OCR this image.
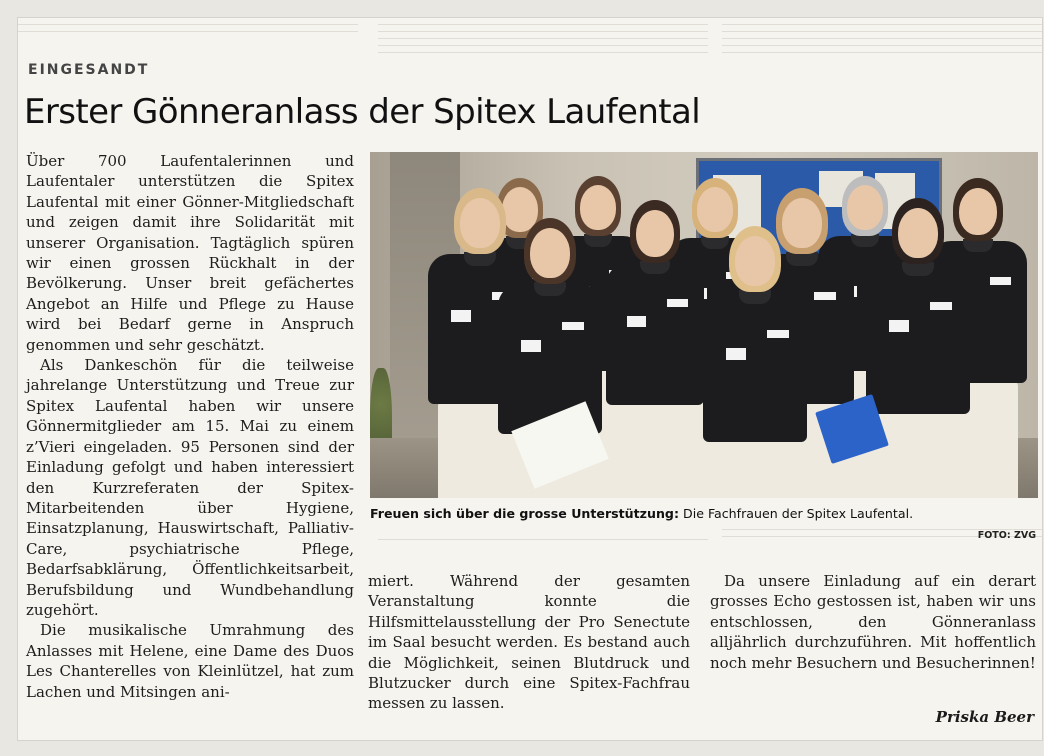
EINGESANDT
Erster Gönneranlass der Spitex Laufental

Über 700 Laufentalerinnen und Laufentaler unterstützen die Spitex Laufental mit einer Gönner-Mitgliedschaft und zeigen damit ihre Solidarität mit unserer Organisation. Tagtäglich spüren wir einen grossen Rückhalt in der Bevölkerung. Unser breit gefächertes Angebot an Hilfe und Pflege zu Hause wird bei Bedarf gerne in Anspruch genommen und sehr geschätzt.

Als Dankeschön für die teilweise jahrelange Unterstützung und Treue zur Spitex Laufental haben wir unsere Gönnermitglieder am 15. Mai zu einem z’Vieri eingeladen. 95 Personen sind der Einladung gefolgt und haben interessiert den Kurzreferaten der Spitex-Mitarbeitenden über Hygiene, Einsatzplanung, Hauswirtschaft, Palliativ-Care, psychiatrische Pflege, Bedarfsabklärung, Öffentlichkeitsarbeit, Berufsbildung und Wundbehandlung zugehört.

Die musikalische Umrahmung des Anlasses mit Helene, eine Dame des Duos Les Chanterelles von Kleinlützel, hat zum Lachen und Mitsingen ani-

Freuen sich über die grosse Unterstützung: Die Fachfrauen der Spitex Laufental.
FOTO: ZVG

miert. Während der gesamten Veranstaltung konnte die Hilfsmittelausstellung der Pro Senectute im Saal besucht werden. Es bestand auch die Möglichkeit, seinen Blutdruck und Blutzucker durch eine Spitex-Fachfrau messen zu lassen.

Da unsere Einladung auf ein derart grosses Echo gestossen ist, haben wir uns entschlossen, den Gönneranlass alljährlich durchzuführen. Mit hoffentlich noch mehr Besuchern und Besucherinnen!

Priska Beer
